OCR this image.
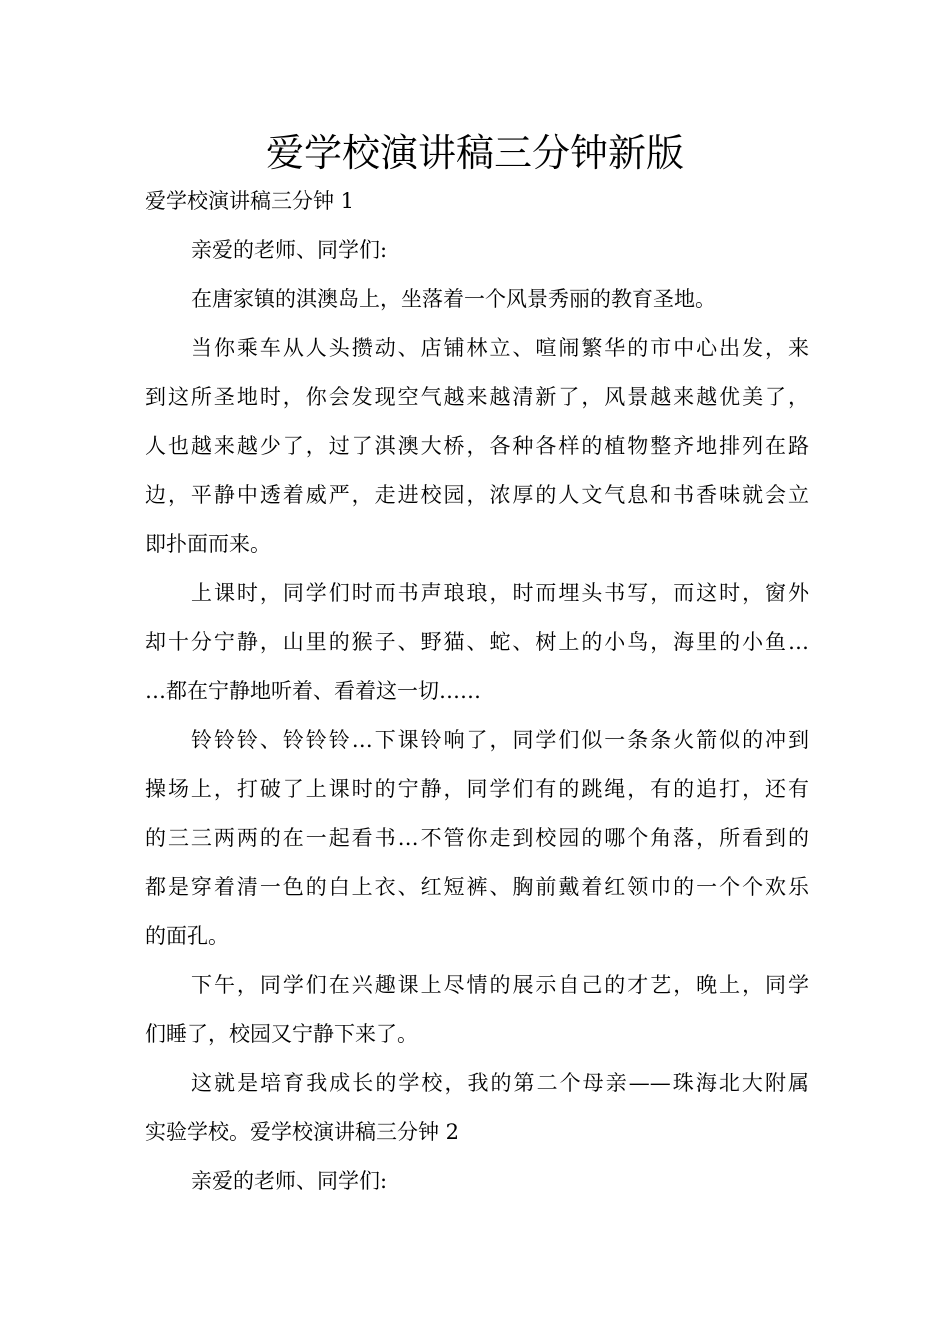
爱学校演讲稿三分钟新版
爱学校演讲稿三分钟 1
亲爱的老师、同学们:
在唐家镇的淇澳岛上，坐落着一个风景秀丽的教育圣地。
当你乘车从人头攒动、店铺林立、喧闹繁华的市中心出发，来
到这所圣地时，你会发现空气越来越清新了，风景越来越优美了，
人也越来越少了，过了淇澳大桥，各种各样的植物整齐地排列在路
边，平静中透着威严，走进校园，浓厚的人文气息和书香味就会立
即扑面而来。
上课时，同学们时而书声琅琅，时而埋头书写，而这时，窗外
却十分宁静，山里的猴子、野猫、蛇、树上的小鸟，海里的小鱼…
…都在宁静地听着、看着这一切……
铃铃铃、铃铃铃…下课铃响了，同学们似一条条火箭似的冲到
操场上，打破了上课时的宁静，同学们有的跳绳，有的追打，还有
的三三两两的在一起看书…不管你走到校园的哪个角落，所看到的
都是穿着清一色的白上衣、红短裤、胸前戴着红领巾的一个个欢乐
的面孔。
下午，同学们在兴趣课上尽情的展示自己的才艺，晚上，同学
们睡了，校园又宁静下来了。
这就是培育我成长的学校，我的第二个母亲——珠海北大附属
实验学校。爱学校演讲稿三分钟 2
亲爱的老师、同学们:
